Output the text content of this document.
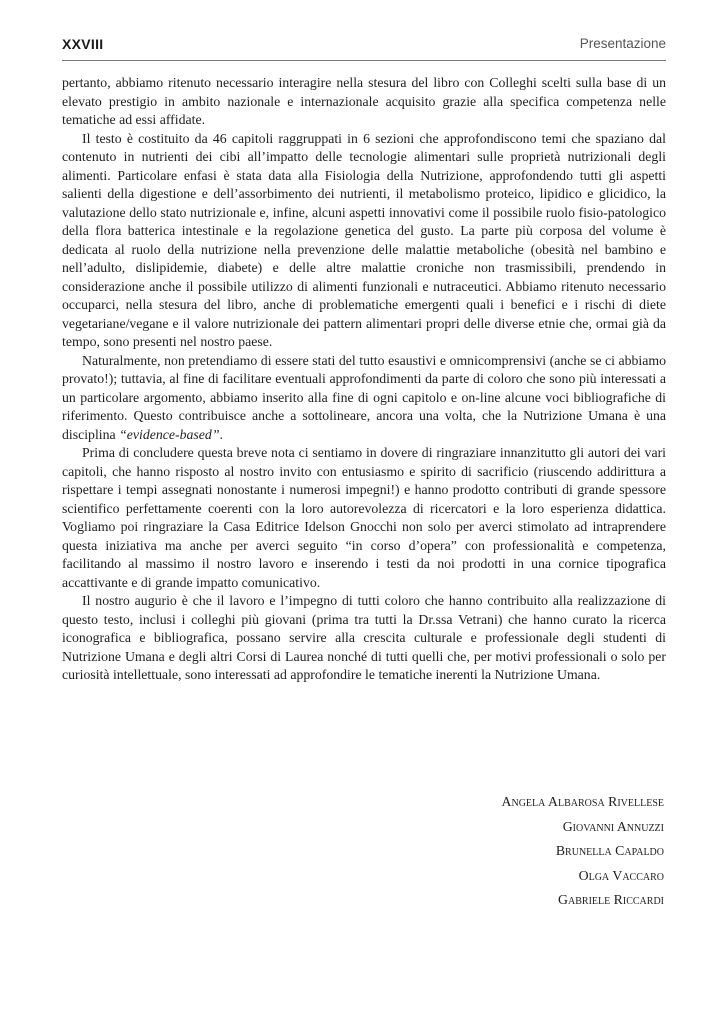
XXVIII	Presentazione

pertanto, abbiamo ritenuto necessario interagire nella stesura del libro con Colleghi scelti sulla base di un elevato prestigio in ambito nazionale e internazionale acquisito grazie alla specifica competenza nelle tematiche ad essi affidate.

Il testo è costituito da 46 capitoli raggruppati in 6 sezioni che approfondiscono temi che spaziano dal contenuto in nutrienti dei cibi all’impatto delle tecnologie alimentari sulle proprietà nutrizionali degli alimenti. Particolare enfasi è stata data alla Fisiologia della Nutrizione, approfondendo tutti gli aspetti salienti della digestione e dell’assorbimento dei nutrienti, il metabolismo proteico, lipidico e glicidico, la valutazione dello stato nutrizionale e, infine, alcuni aspetti innovativi come il possibile ruolo fisio-patologico della flora batterica intestinale e la regolazione genetica del gusto. La parte più corposa del volume è dedicata al ruolo della nutrizione nella prevenzione delle malattie metaboliche (obesità nel bambino e nell’adulto, dislipidemie, diabete) e delle altre malattie croniche non trasmissibili, prendendo in considerazione anche il possibile utilizzo di alimenti funzionali e nutraceutici. Abbiamo ritenuto necessario occuparci, nella stesura del libro, anche di problematiche emergenti quali i benefici e i rischi di diete vegetariane/vegane e il valore nutrizionale dei pattern alimentari propri delle diverse etnie che, ormai già da tempo, sono presenti nel nostro paese.

Naturalmente, non pretendiamo di essere stati del tutto esaustivi e omnicomprensivi (anche se ci abbiamo provato!); tuttavia, al fine di facilitare eventuali approfondimenti da parte di coloro che sono più interessati a un particolare argomento, abbiamo inserito alla fine di ogni capitolo e on-line alcune voci bibliografiche di riferimento. Questo contribuisce anche a sottolineare, ancora una volta, che la Nutrizione Umana è una disciplina “evidence-based”.

Prima di concludere questa breve nota ci sentiamo in dovere di ringraziare innanzitutto gli autori dei vari capitoli, che hanno risposto al nostro invito con entusiasmo e spirito di sacrificio (riuscendo addirittura a rispettare i tempi assegnati nonostante i numerosi impegni!) e hanno prodotto contributi di grande spessore scientifico perfettamente coerenti con la loro autorevolezza di ricercatori e la loro esperienza didattica. Vogliamo poi ringraziare la Casa Editrice Idelson Gnocchi non solo per averci stimolato ad intraprendere questa iniziativa ma anche per averci seguito “in corso d’opera” con professionalità e competenza, facilitando al massimo il nostro lavoro e inserendo i testi da noi prodotti in una cornice tipografica accattivante e di grande impatto comunicativo.

Il nostro augurio è che il lavoro e l’impegno di tutti coloro che hanno contribuito alla realizzazione di questo testo, inclusi i colleghi più giovani (prima tra tutti la Dr.ssa Vetrani) che hanno curato la ricerca iconografica e bibliografica, possano servire alla crescita culturale e professionale degli studenti di Nutrizione Umana e degli altri Corsi di Laurea nonché di tutti quelli che, per motivi professionali o solo per curiosità intellettuale, sono interessati ad approfondire le tematiche inerenti la Nutrizione Umana.

Angela Albarosa Rivellese
Giovanni Annuzzi
Brunella Capaldo
Olga Vaccaro
Gabriele Riccardi
